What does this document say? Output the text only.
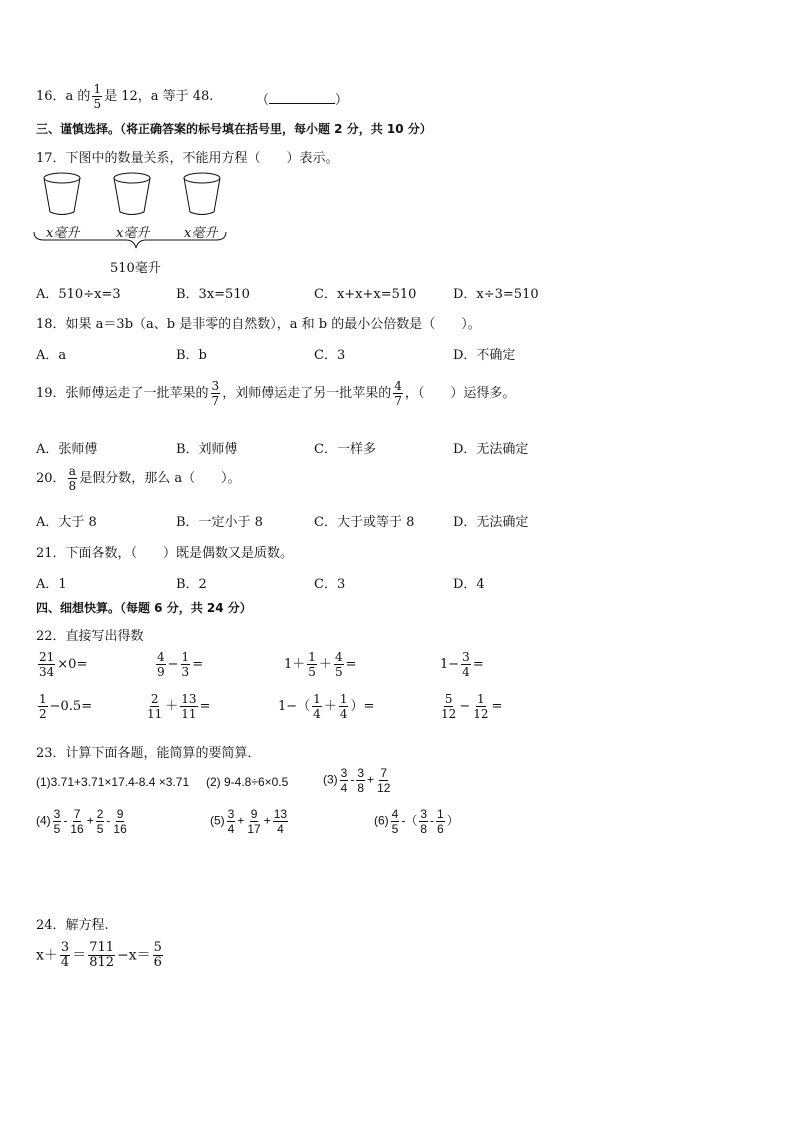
16．a 的 $\frac{1}{5}$ 是 12，a 等于 48.	（	）
三、谨慎选择。（将正确答案的标号填在括号里，每小题 2 分，共 10 分）
17．下图中的数量关系，不能用方程（　　）表示。
x毫升	x毫升	x毫升
510毫升
A．510÷x=3	B．3x=510	C．x+x+x=510	D．x÷3=510
18．如果 a＝3b（a、b 是非零的自然数），a 和 b 的最小公倍数是（　　）。
A．a	B．b	C．3	D．不确定
19．张师傅运走了一批苹果的 $\frac{3}{7}$ ，刘师傅运走了另一批苹果的 $\frac{4}{7}$ ，（　　）运得多。
A．张师傅	B．刘师傅	C．一样多	D．无法确定
20． $\frac{a}{8}$ 是假分数，那么 a（　　）。
A．大于 8	B．一定小于 8	C．大于或等于 8	D．无法确定
21．下面各数，（　　）既是偶数又是质数。
A．1	B．2	C．3	D．4
四、细想快算。（每题 6 分，共 24 分）
22．直接写出得数
$\frac{21}{34} \times 0=$	$\frac{4}{9} - \frac{1}{3}$ =	$1+ \frac{1}{5} + \frac{4}{5}$ =	$1- \frac{3}{4}$ =
$\frac{1}{2} -0.5=$	$\frac{2}{11} + \frac{13}{11}$ =	$1-( \frac{1}{4} + \frac{1}{4}$ ）=	$\frac{5}{12} - \frac{1}{12}$ =
23．计算下面各题，能简算的要简算．
(1)3.71+3.71×17.4-8.4 ×3.71 (2) 9-4.8÷6×0.5	$(3) \frac{3}{4} - \frac{3}{8} + \frac{7}{12}$
$(4) \frac{3}{5} - \frac{7}{16} + \frac{2}{5} - \frac{9}{16}$	$(5) \frac{3}{4} + \frac{9}{17} + \frac{13}{4}$	$(6) \frac{4}{5}$ -（ $\frac{3}{8} - \frac{1}{6}$ ）
24．解方程.
$x+ \frac{3}{4} = \frac{711}{812} -x= \frac{5}{6}$
